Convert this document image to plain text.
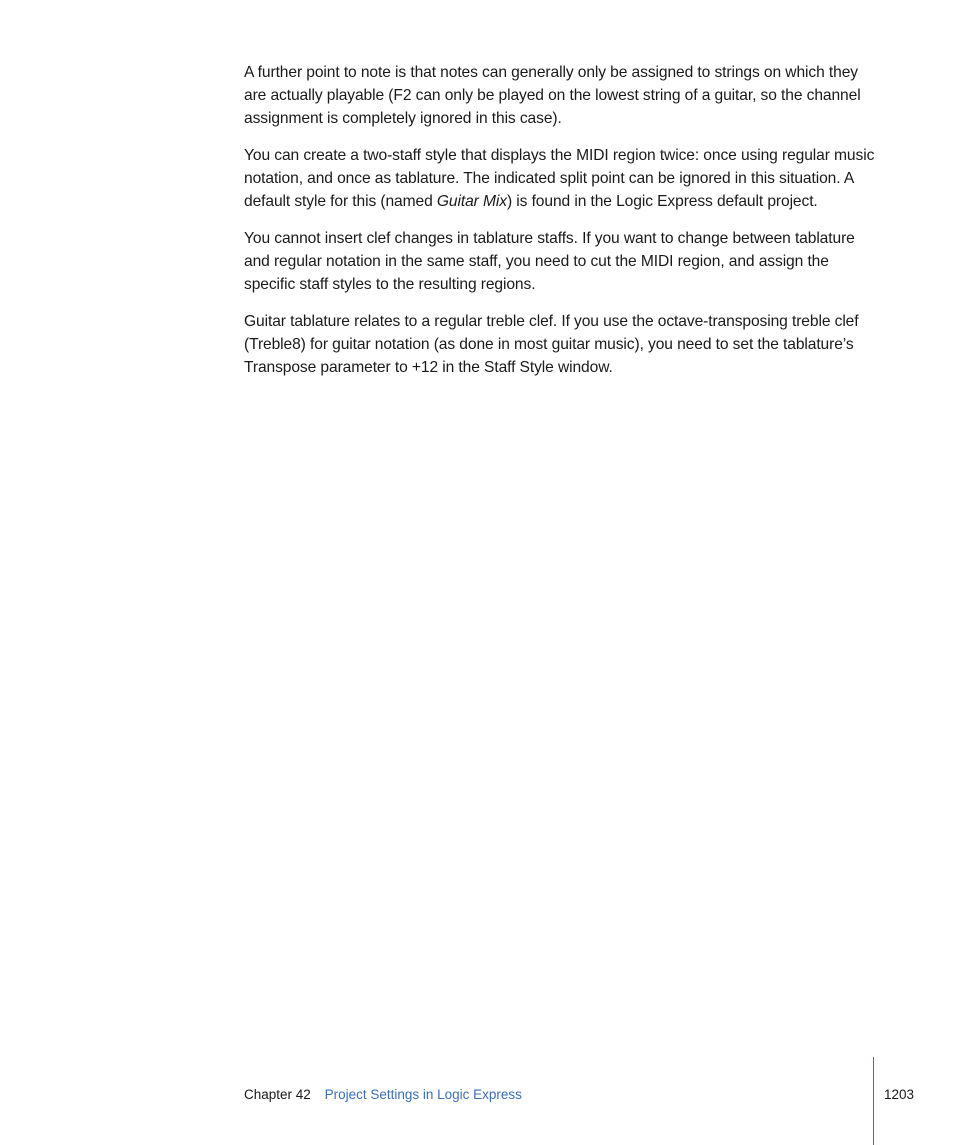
A further point to note is that notes can generally only be assigned to strings on which they are actually playable (F2 can only be played on the lowest string of a guitar, so the channel assignment is completely ignored in this case).

You can create a two-staff style that displays the MIDI region twice: once using regular music notation, and once as tablature. The indicated split point can be ignored in this situation. A default style for this (named Guitar Mix) is found in the Logic Express default project.

You cannot insert clef changes in tablature staffs. If you want to change between tablature and regular notation in the same staff, you need to cut the MIDI region, and assign the specific staff styles to the resulting regions.

Guitar tablature relates to a regular treble clef. If you use the octave-transposing treble clef (Treble8) for guitar notation (as done in most guitar music), you need to set the tablature’s Transpose parameter to +12 in the Staff Style window.

Chapter 42 Project Settings in Logic Express	1203
